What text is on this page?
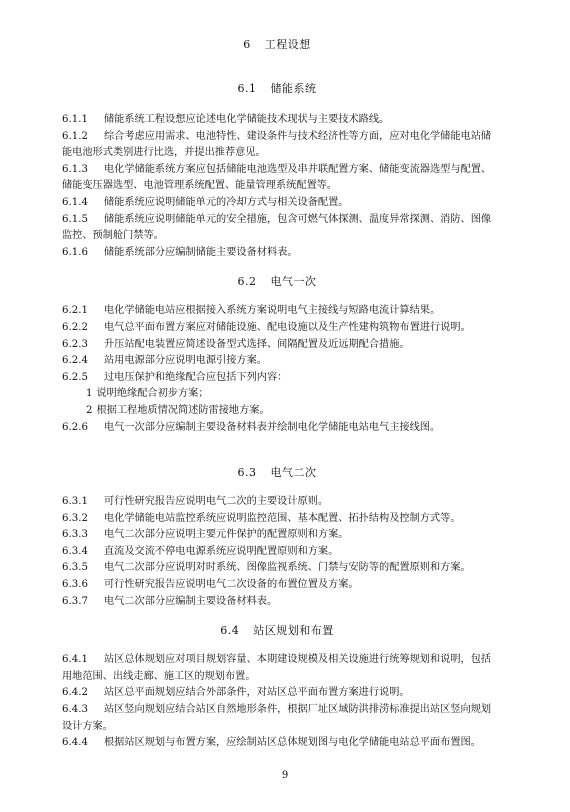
6 工程设想
6.1 储能系统

6.1.1 储能系统工程设想应论述电化学储能技术现状与主要技术路线。

6.1.2 综合考虑应用需求、电池特性、建设条件与技术经济性等方面，应对电化学储能电站储能电池形式类别进行比选，并提出推荐意见。

6.1.3 电化学储能系统方案应包括储能电池选型及串并联配置方案、储能变流器选型与配置、储能变压器选型、电池管理系统配置、能量管理系统配置等。

6.1.4 储能系统应说明储能单元的冷却方式与相关设备配置。

6.1.5 储能系统应说明储能单元的安全措施，包含可燃气体探测、温度异常探测、消防、图像监控、预制舱门禁等。

6.1.6 储能系统部分应编制储能主要设备材料表。

6.2 电气一次

6.2.1 电化学储能电站应根据接入系统方案说明电气主接线与短路电流计算结果。

6.2.2 电气总平面布置方案应对储能设施、配电设施以及生产性建构筑物布置进行说明。

6.2.3 升压站配电装置应简述设备型式选择、间隔配置及近远期配合措施。

6.2.4 站用电源部分应说明电源引接方案。

6.2.5 过电压保护和绝缘配合应包括下列内容：

1 说明绝缘配合初步方案；
2 根据工程地质情况简述防雷接地方案。

6.2.6 电气一次部分应编制主要设备材料表并绘制电化学储能电站电气主接线图。

6.3 电气二次

6.3.1 可行性研究报告应说明电气二次的主要设计原则。

6.3.2 电化学储能电站监控系统应说明监控范围、基本配置、拓扑结构及控制方式等。

6.3.3 电气二次部分应说明主要元件保护的配置原则和方案。

6.3.4 直流及交流不停电电源系统应说明配置原则和方案。

6.3.5 电气二次部分应说明对时系统、图像监视系统、门禁与安防等的配置原则和方案。

6.3.6 可行性研究报告应说明电气二次设备的布置位置及方案。

6.3.7 电气二次部分应编制主要设备材料表。

6.4 站区规划和布置

6.4.1 站区总体规划应对项目规划容量、本期建设规模及相关设施进行统筹规划和说明，包括用地范围、出线走廊、施工区的规划布置。

6.4.2 站区总平面规划应结合外部条件，对站区总平面布置方案进行说明。

6.4.3 站区竖向规划应结合站区自然地形条件，根据厂址区域防洪排涝标准提出站区竖向规划设计方案。

6.4.4 根据站区规划与布置方案，应绘制站区总体规划图与电化学储能电站总平面布置图。

9
